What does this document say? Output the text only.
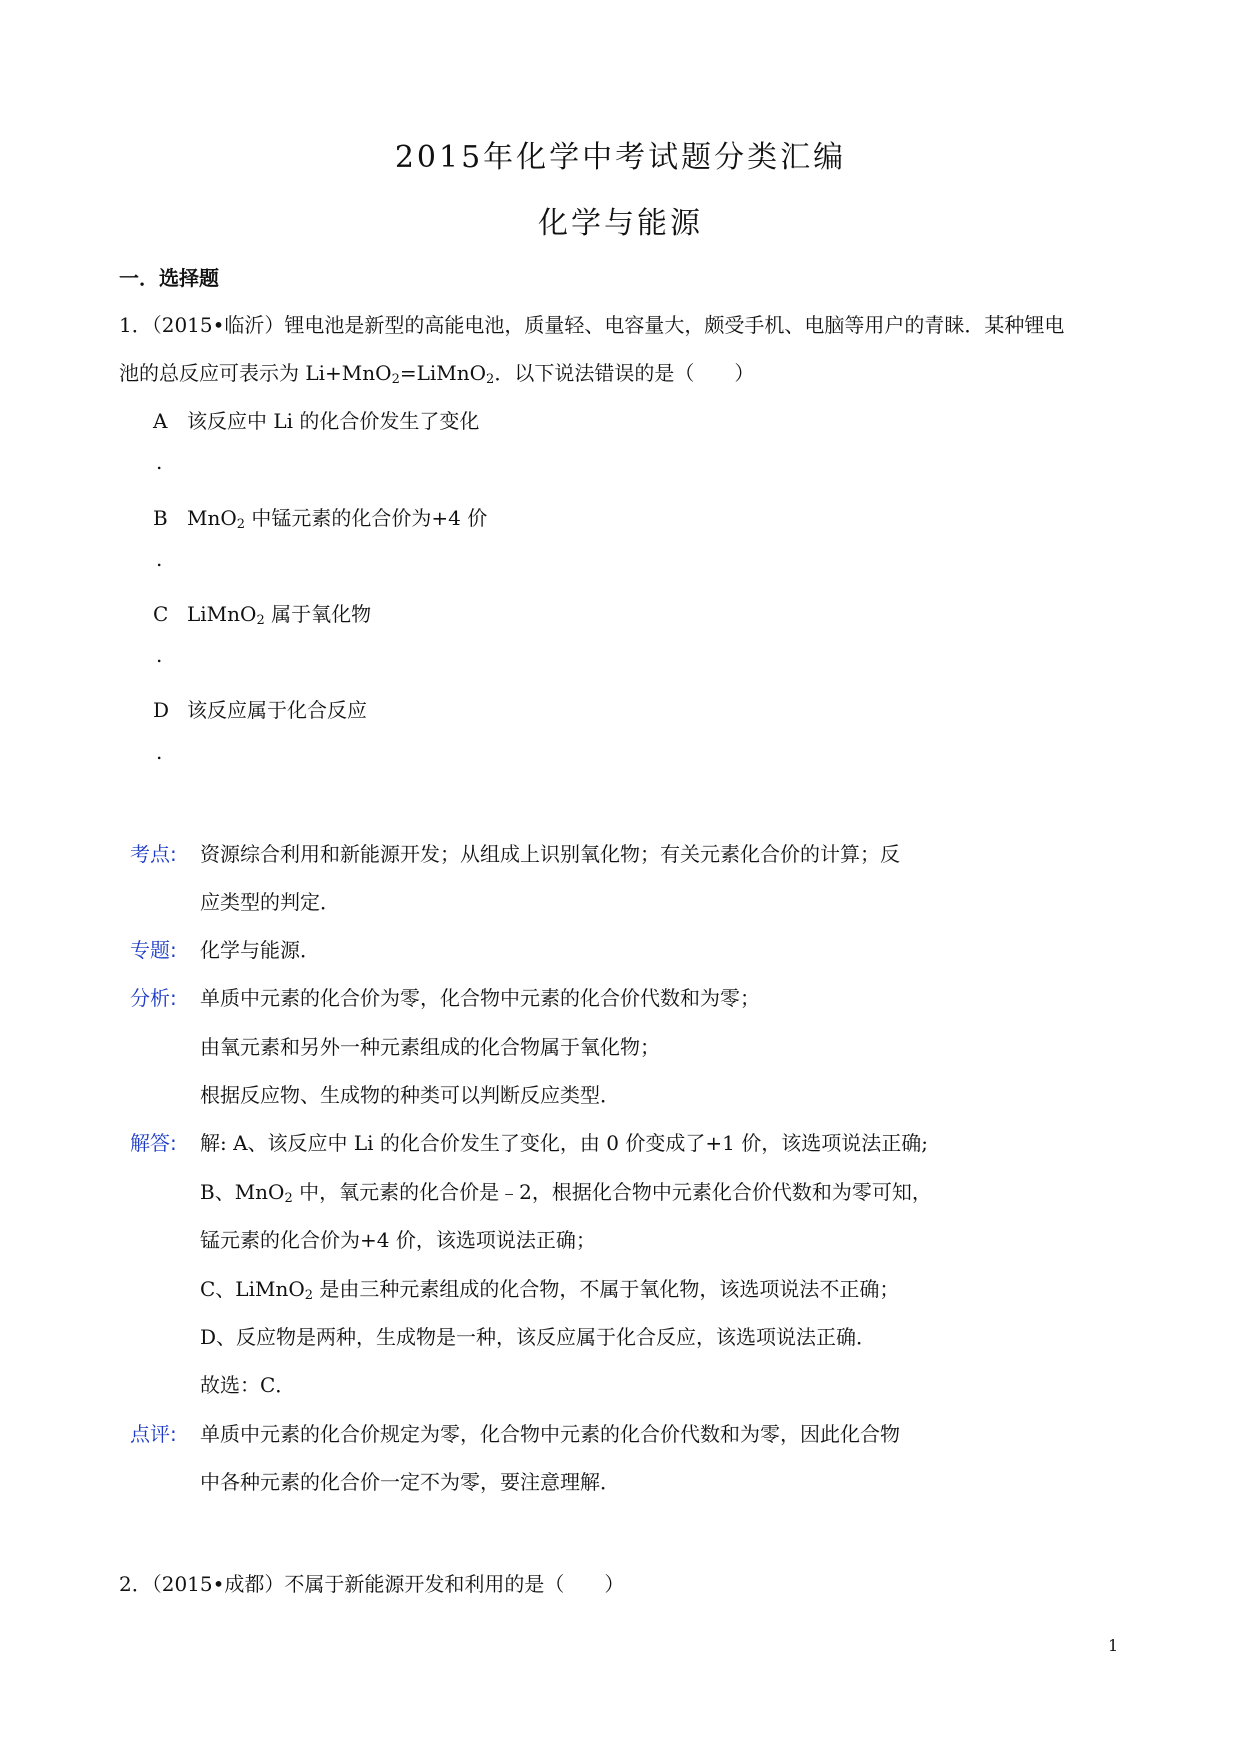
2015年化学中考试题分类汇编
化学与能源
一．选择题
1．（2015•临沂）锂电池是新型的高能电池，质量轻、电容量大，颇受手机、电脑等用户的青睐．某种锂电
池的总反应可表示为 Li+MnO$_2$=LiMnO$_2$．以下说法错误的是（　　）
A 该反应中 Li 的化合价发生了变化
.
B MnO$_2$ 中锰元素的化合价为+4 价
.
C LiMnO$_2$ 属于氧化物
.
D 该反应属于化合反应
.
考点: 资源综合利用和新能源开发；从组成上识别氧化物；有关元素化合价的计算；反
应类型的判定．
专题: 化学与能源．
分析: 单质中元素的化合价为零，化合物中元素的化合价代数和为零；
由氧元素和另外一种元素组成的化合物属于氧化物；
根据反应物、生成物的种类可以判断反应类型．
解答: 解: A、该反应中 Li 的化合价发生了变化，由 0 价变成了+1 价，该选项说法正确;
B、MnO$_2$ 中，氧元素的化合价是﹣2，根据化合物中元素化合价代数和为零可知，
锰元素的化合价为+4 价，该选项说法正确；
C、LiMnO$_2$ 是由三种元素组成的化合物，不属于氧化物，该选项说法不正确；
D、反应物是两种，生成物是一种，该反应属于化合反应，该选项说法正确．
故选：C．
点评: 单质中元素的化合价规定为零，化合物中元素的化合价代数和为零，因此化合物
中各种元素的化合价一定不为零，要注意理解．
2．（2015•成都）不属于新能源开发和利用的是（　　）
1
